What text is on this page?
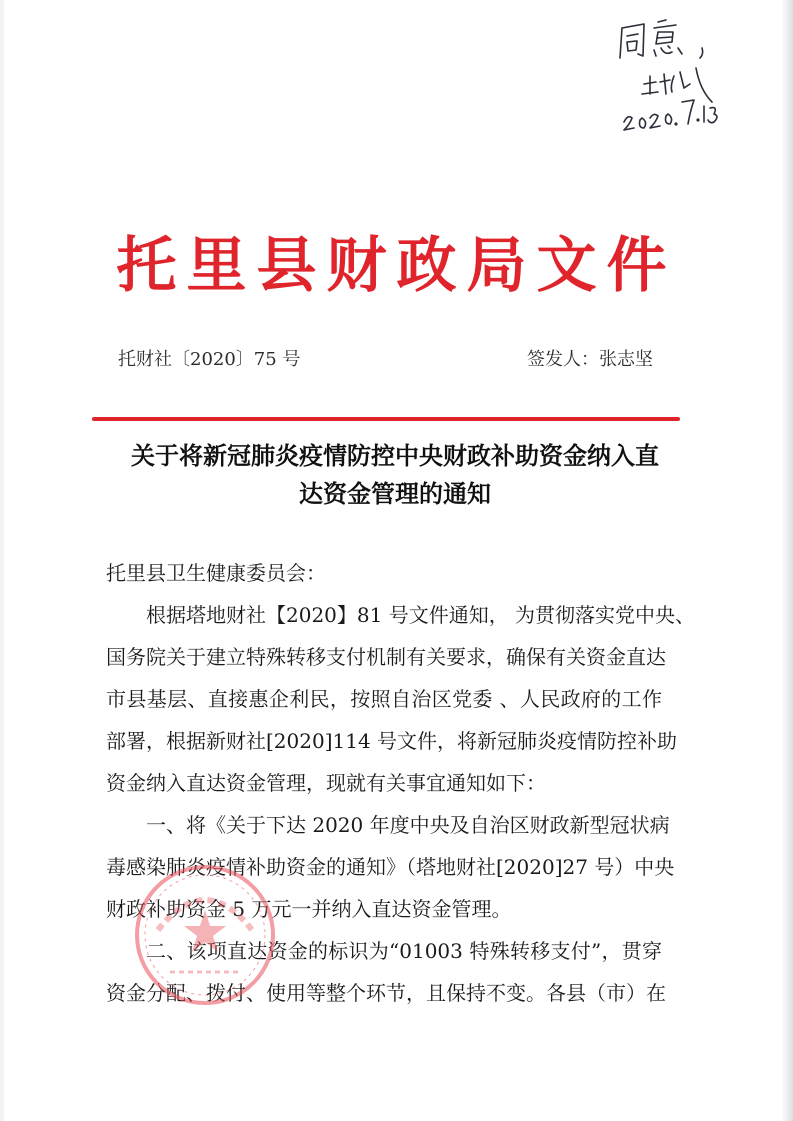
托里县财政局文件
托财社〔2020〕75 号	签发人：张志坚
关于将新冠肺炎疫情防控中央财政补助资金纳入直
达资金管理的通知
托里县卫生健康委员会：
根据塔地财社【2020】81 号文件通知， 为贯彻落实党中央、
国务院关于建立特殊转移支付机制有关要求，确保有关资金直达
市县基层、直接惠企利民，按照自治区党委 、人民政府的工作
部署，根据新财社[2020]114 号文件，将新冠肺炎疫情防控补助
资金纳入直达资金管理，现就有关事宜通知如下：
一、将《关于下达 2020 年度中央及自治区财政新型冠状病
毒感染肺炎疫情补助资金的通知》（塔地财社[2020]27 号）中央
财政补助资金 5 万元一并纳入直达资金管理。
二、该项直达资金的标识为“01003 特殊转移支付”，贯穿
资金分配、拨付、使用等整个环节，且保持不变。各县（市）在
